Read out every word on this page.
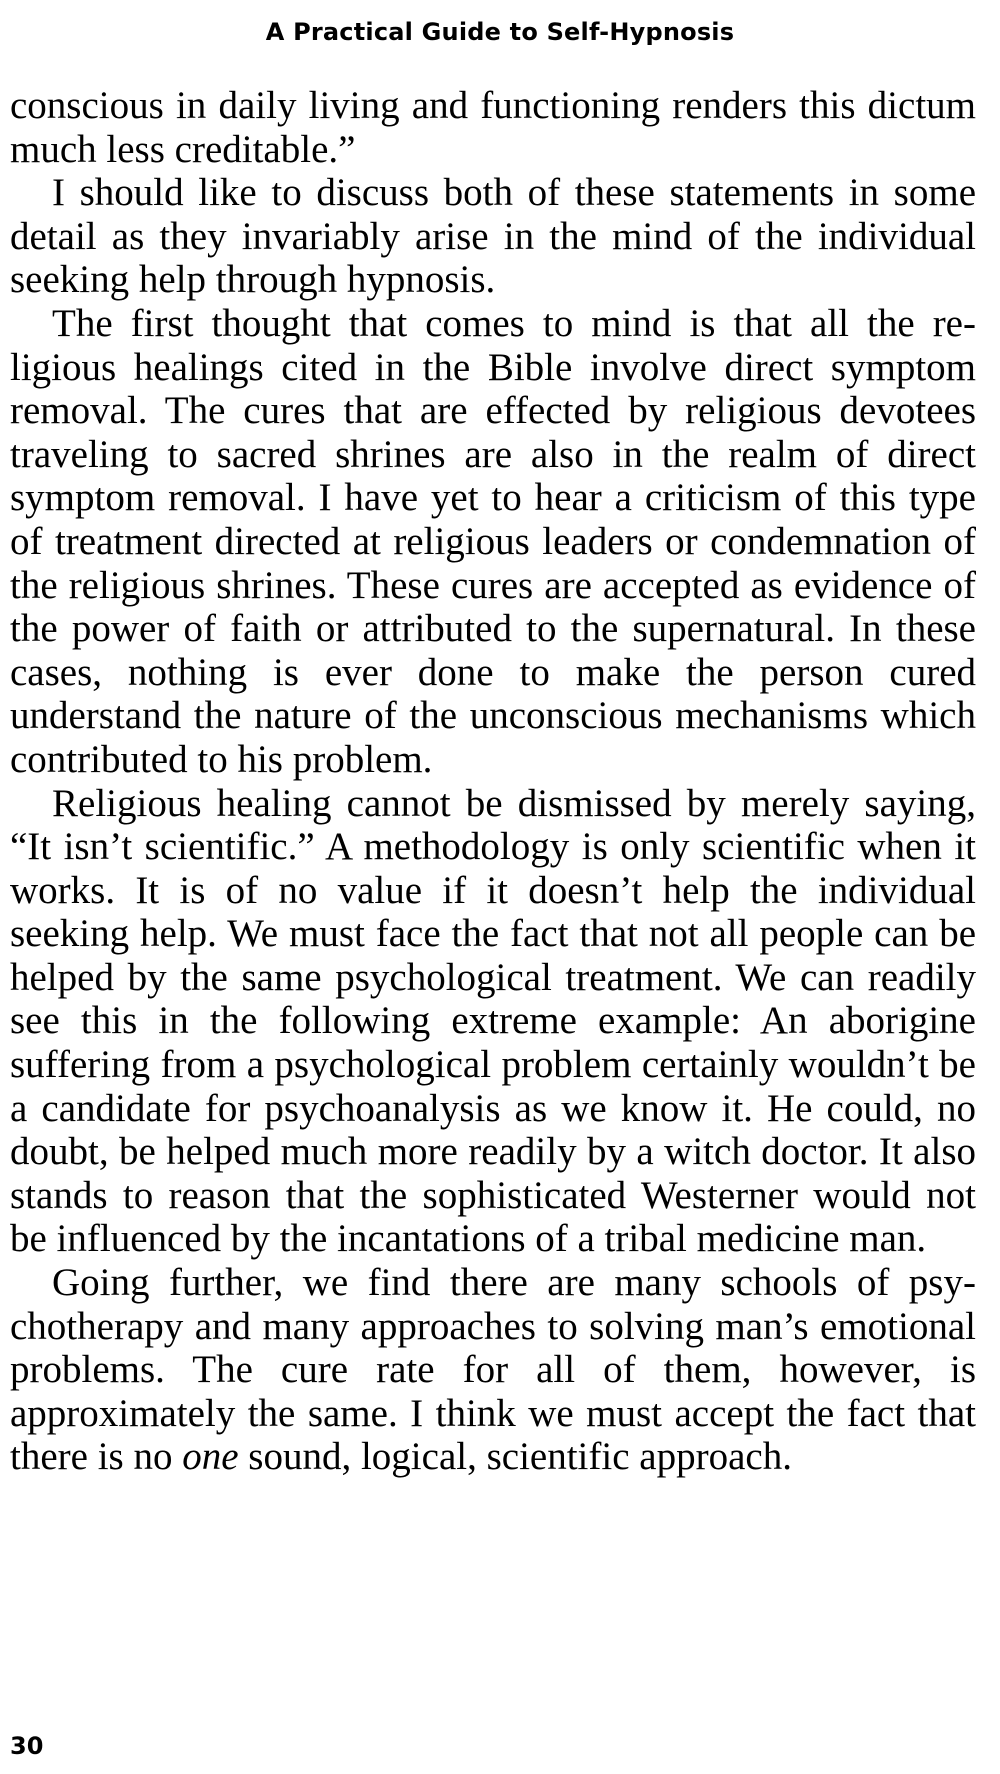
A Practical Guide to Self-Hypnosis

conscious in daily living and functioning renders this dictum much less creditable.”

I should like to discuss both of these statements in some detail as they invariably arise in the mind of the individual seeking help through hypnosis.

The first thought that comes to mind is that all the religious healings cited in the Bible involve direct symptom removal. The cures that are effected by religious devotees traveling to sacred shrines are also in the realm of direct symptom removal. I have yet to hear a criticism of this type of treatment directed at religious leaders or condemnation of the religious shrines. These cures are accepted as evidence of the power of faith or attributed to the supernatural. In these cases, nothing is ever done to make the person cured understand the nature of the unconscious mechanisms which contributed to his problem.

Religious healing cannot be dismissed by merely saying, “It isn’t scientific.” A methodology is only scientific when it works. It is of no value if it doesn’t help the individual seeking help. We must face the fact that not all people can be helped by the same psychological treatment. We can readily see this in the following extreme example: An aborigine suffering from a psychological problem certainly wouldn’t be a candidate for psychoanalysis as we know it. He could, no doubt, be helped much more readily by a witch doctor. It also stands to reason that the sophisticated Westerner would not be influenced by the incantations of a tribal medicine man.

Going further, we find there are many schools of psychotherapy and many approaches to solving man’s emotional problems. The cure rate for all of them, however, is approximately the same. I think we must accept the fact that there is no one sound, logical, scientific approach.

30
